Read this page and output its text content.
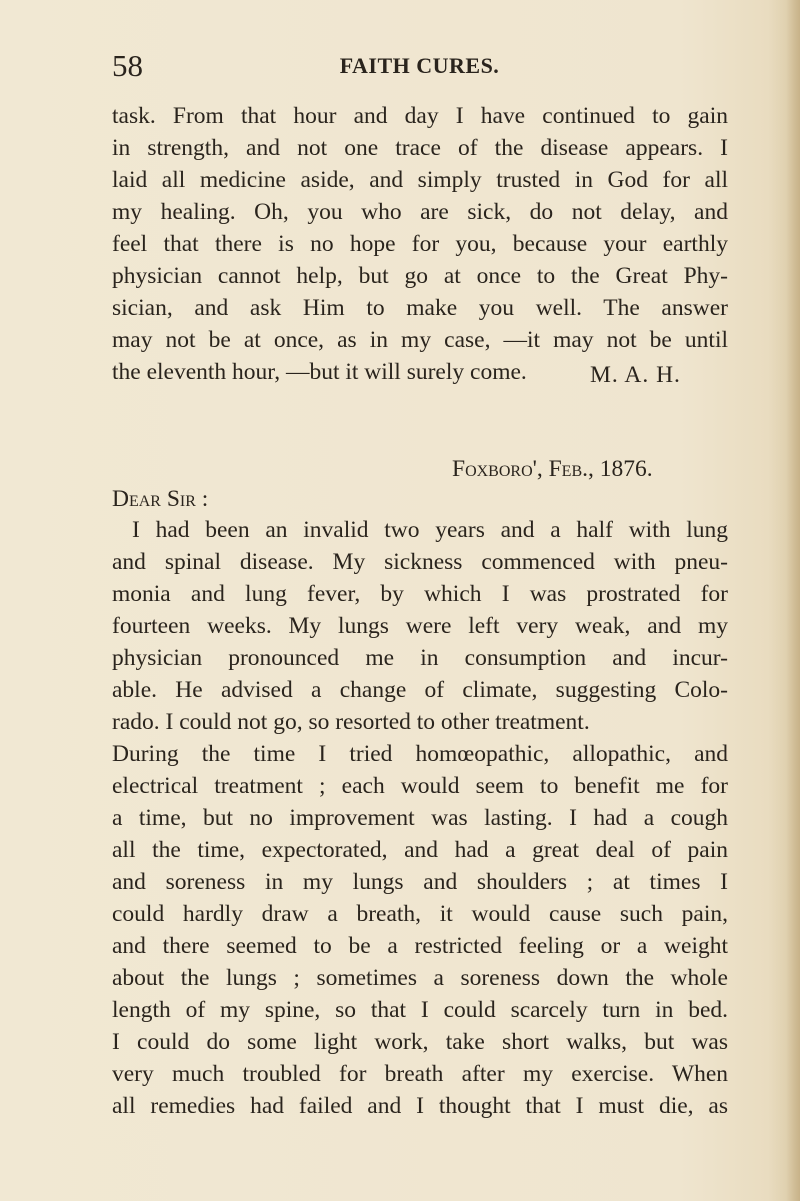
58	FAITH CURES.
task. From that hour and day I have continued to gain
in strength, and not one trace of the disease appears. I
laid all medicine aside, and simply trusted in God for all
my healing. Oh, you who are sick, do not delay, and
feel that there is no hope for you, because your earthly
physician cannot help, but go at once to the Great Phy-
sician, and ask Him to make you well. The answer
may not be at once, as in my case, —it may not be until
the eleventh hour, —but it will surely come.	M. A. H.
Foxboro', Feb., 1876.
Dear Sir :
I had been an invalid two years and a half with lung
and spinal disease. My sickness commenced with pneu-
monia and lung fever, by which I was prostrated for
fourteen weeks. My lungs were left very weak, and my
physician pronounced me in consumption and incur-
able. He advised a change of climate, suggesting Colo-
rado. I could not go, so resorted to other treatment.
During the time I tried homœopathic, allopathic, and
electrical treatment ; each would seem to benefit me for
a time, but no improvement was lasting. I had a cough
all the time, expectorated, and had a great deal of pain
and soreness in my lungs and shoulders ; at times I
could hardly draw a breath, it would cause such pain,
and there seemed to be a restricted feeling or a weight
about the lungs ; sometimes a soreness down the whole
length of my spine, so that I could scarcely turn in bed.
I could do some light work, take short walks, but was
very much troubled for breath after my exercise. When
all remedies had failed and I thought that I must die, as
